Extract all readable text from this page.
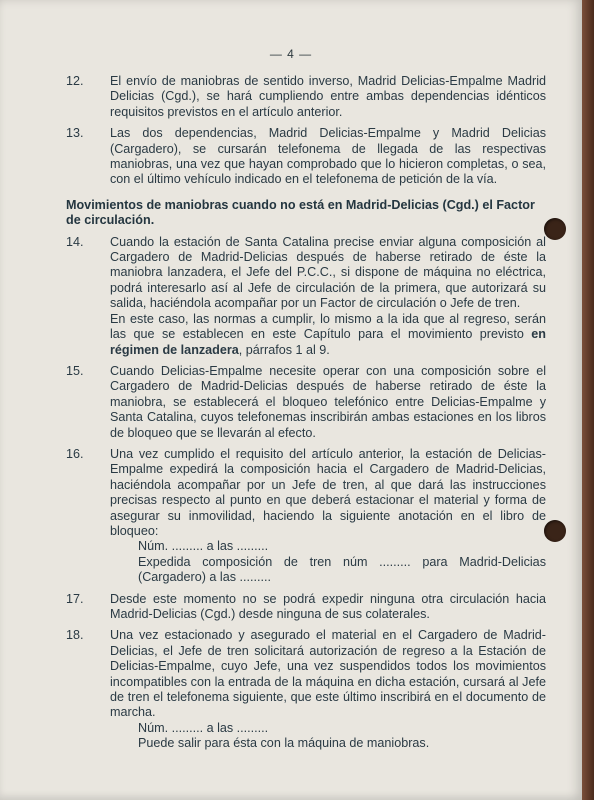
— 4 —
12.	El envío de maniobras de sentido inverso, Madrid Delicias-Empalme Madrid Delicias (Cgd.), se hará cumpliendo entre ambas dependencias idénticos requisitos previstos en el artículo anterior.

13.	Las dos dependencias, Madrid Delicias-Empalme y Madrid Delicias (Cargadero), se cursarán telefonema de llegada de las respectivas maniobras, una vez que hayan comprobado que lo hicieron completas, o sea, con el último vehículo indicado en el telefonema de petición de la vía.

Movimientos de maniobras cuando no está en Madrid-Delicias (Cgd.) el Factor de circulación.
14.	Cuando la estación de Santa Catalina precise enviar alguna composición al Cargadero de Madrid-Delicias después de haberse retirado de éste la maniobra lanzadera, el Jefe del P.C.C., si dispone de máquina no eléctrica, podrá interesarlo así al Jefe de circulación de la primera, que autorizará su salida, haciéndola acompañar por un Factor de circulación o Jefe de tren.

En este caso, las normas a cumplir, lo mismo a la ida que al regreso, serán las que se establecen en este Capítulo para el movimiento previsto en régimen de lanzadera, párrafos 1 al 9.

15.	Cuando Delicias-Empalme necesite operar con una composición sobre el Cargadero de Madrid-Delicias después de haberse retirado de éste la maniobra, se establecerá el bloqueo telefónico entre Delicias-Empalme y Santa Catalina, cuyos telefonemas inscribirán ambas estaciones en los libros de bloqueo que se llevarán al efecto.

16.	Una vez cumplido el requisito del artículo anterior, la estación de Delicias-Empalme expedirá la composición hacia el Cargadero de Madrid-Delicias, haciéndola acompañar por un Jefe de tren, al que dará las instrucciones precisas respecto al punto en que deberá estacionar el material y forma de asegurar su inmovilidad, haciendo la siguiente anotación en el libro de bloqueo:

Núm. ......... a las .........

Expedida composición de tren núm ......... para Madrid-Delicias (Cargadero) a las .........

17.	Desde este momento no se podrá expedir ninguna otra circulación hacia Madrid-Delicias (Cgd.) desde ninguna de sus colaterales.

18.	Una vez estacionado y asegurado el material en el Cargadero de Madrid-Delicias, el Jefe de tren solicitará autorización de regreso a la Estación de Delicias-Empalme, cuyo Jefe, una vez suspendidos todos los movimientos incompatibles con la entrada de la máquina en dicha estación, cursará al Jefe de tren el telefonema siguiente, que este último inscribirá en el documento de marcha.

Núm. ......... a las .........

Puede salir para ésta con la máquina de maniobras.
